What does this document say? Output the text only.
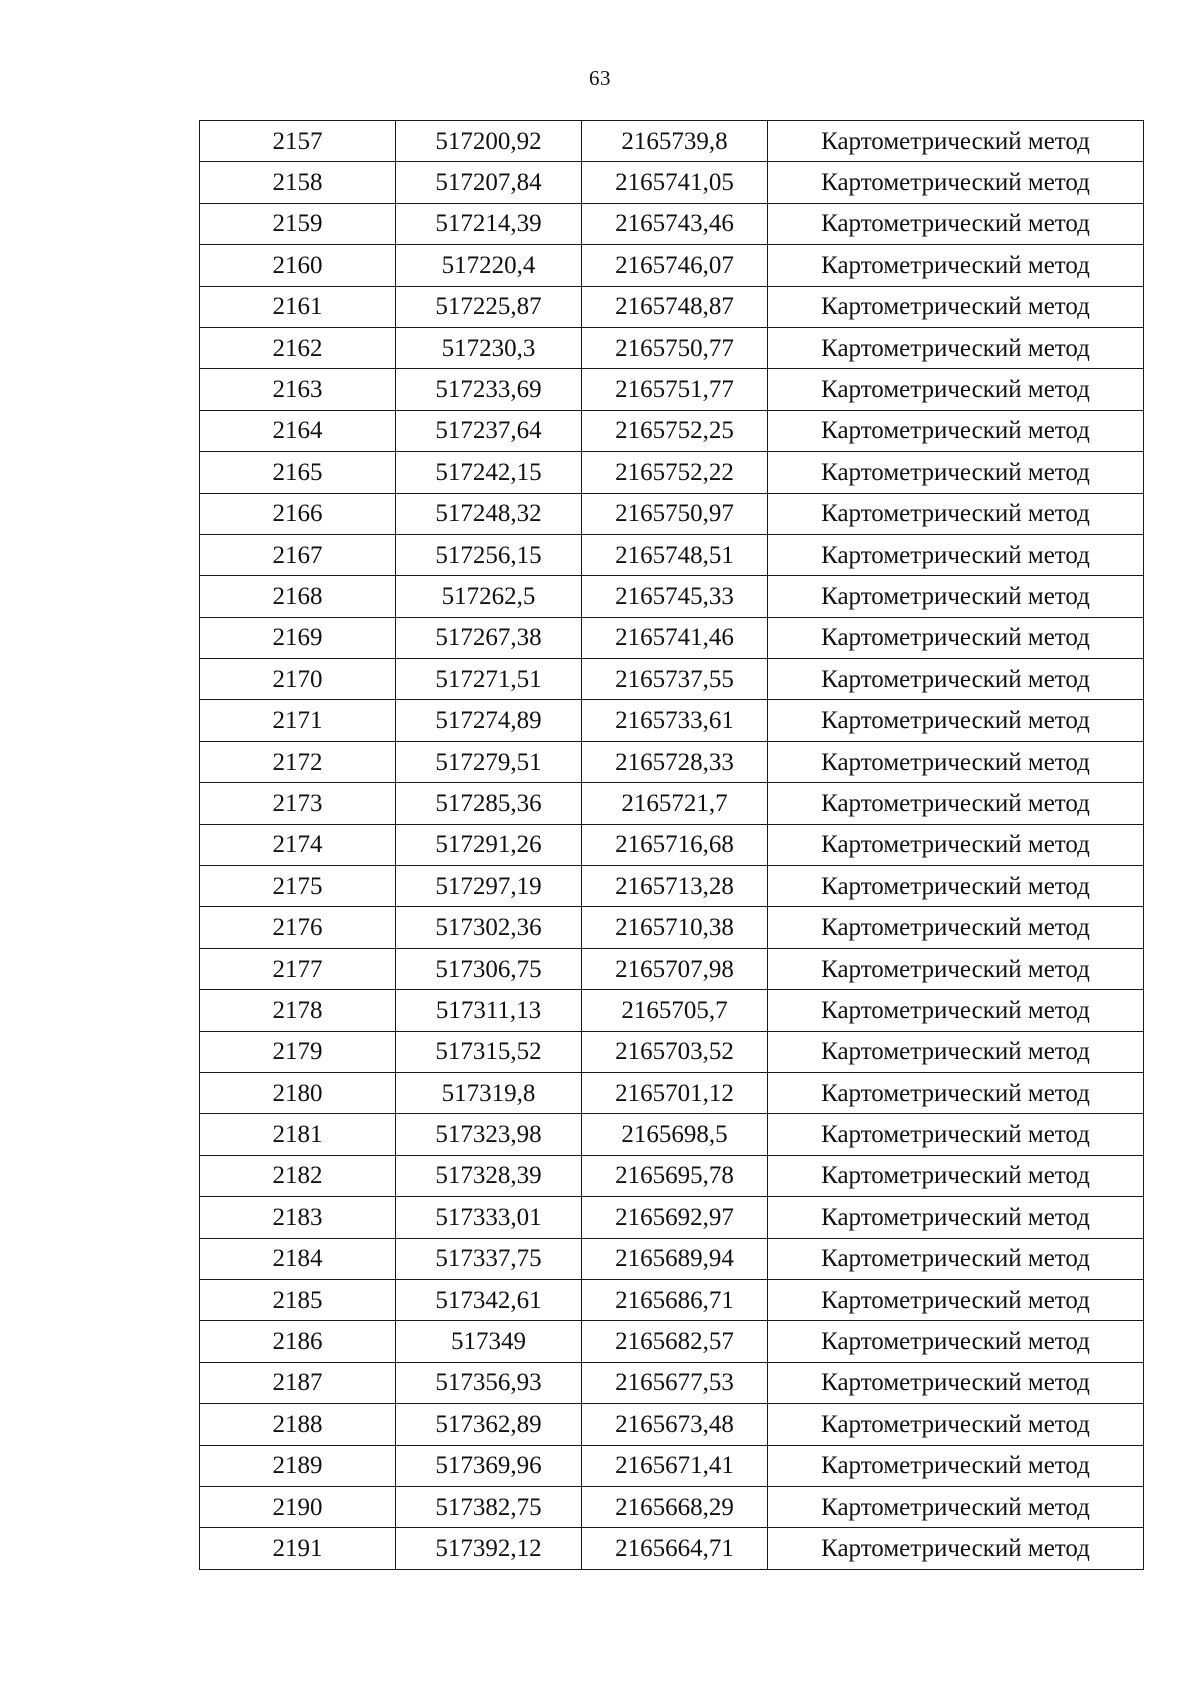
63
2157	517200,92	2165739,8	Картометрический метод
2158	517207,84	2165741,05	Картометрический метод
2159	517214,39	2165743,46	Картометрический метод
2160	517220,4	2165746,07	Картометрический метод
2161	517225,87	2165748,87	Картометрический метод
2162	517230,3	2165750,77	Картометрический метод
2163	517233,69	2165751,77	Картометрический метод
2164	517237,64	2165752,25	Картометрический метод
2165	517242,15	2165752,22	Картометрический метод
2166	517248,32	2165750,97	Картометрический метод
2167	517256,15	2165748,51	Картометрический метод
2168	517262,5	2165745,33	Картометрический метод
2169	517267,38	2165741,46	Картометрический метод
2170	517271,51	2165737,55	Картометрический метод
2171	517274,89	2165733,61	Картометрический метод
2172	517279,51	2165728,33	Картометрический метод
2173	517285,36	2165721,7	Картометрический метод
2174	517291,26	2165716,68	Картометрический метод
2175	517297,19	2165713,28	Картометрический метод
2176	517302,36	2165710,38	Картометрический метод
2177	517306,75	2165707,98	Картометрический метод
2178	517311,13	2165705,7	Картометрический метод
2179	517315,52	2165703,52	Картометрический метод
2180	517319,8	2165701,12	Картометрический метод
2181	517323,98	2165698,5	Картометрический метод
2182	517328,39	2165695,78	Картометрический метод
2183	517333,01	2165692,97	Картометрический метод
2184	517337,75	2165689,94	Картометрический метод
2185	517342,61	2165686,71	Картометрический метод
2186	517349	2165682,57	Картометрический метод
2187	517356,93	2165677,53	Картометрический метод
2188	517362,89	2165673,48	Картометрический метод
2189	517369,96	2165671,41	Картометрический метод
2190	517382,75	2165668,29	Картометрический метод
2191	517392,12	2165664,71	Картометрический метод
